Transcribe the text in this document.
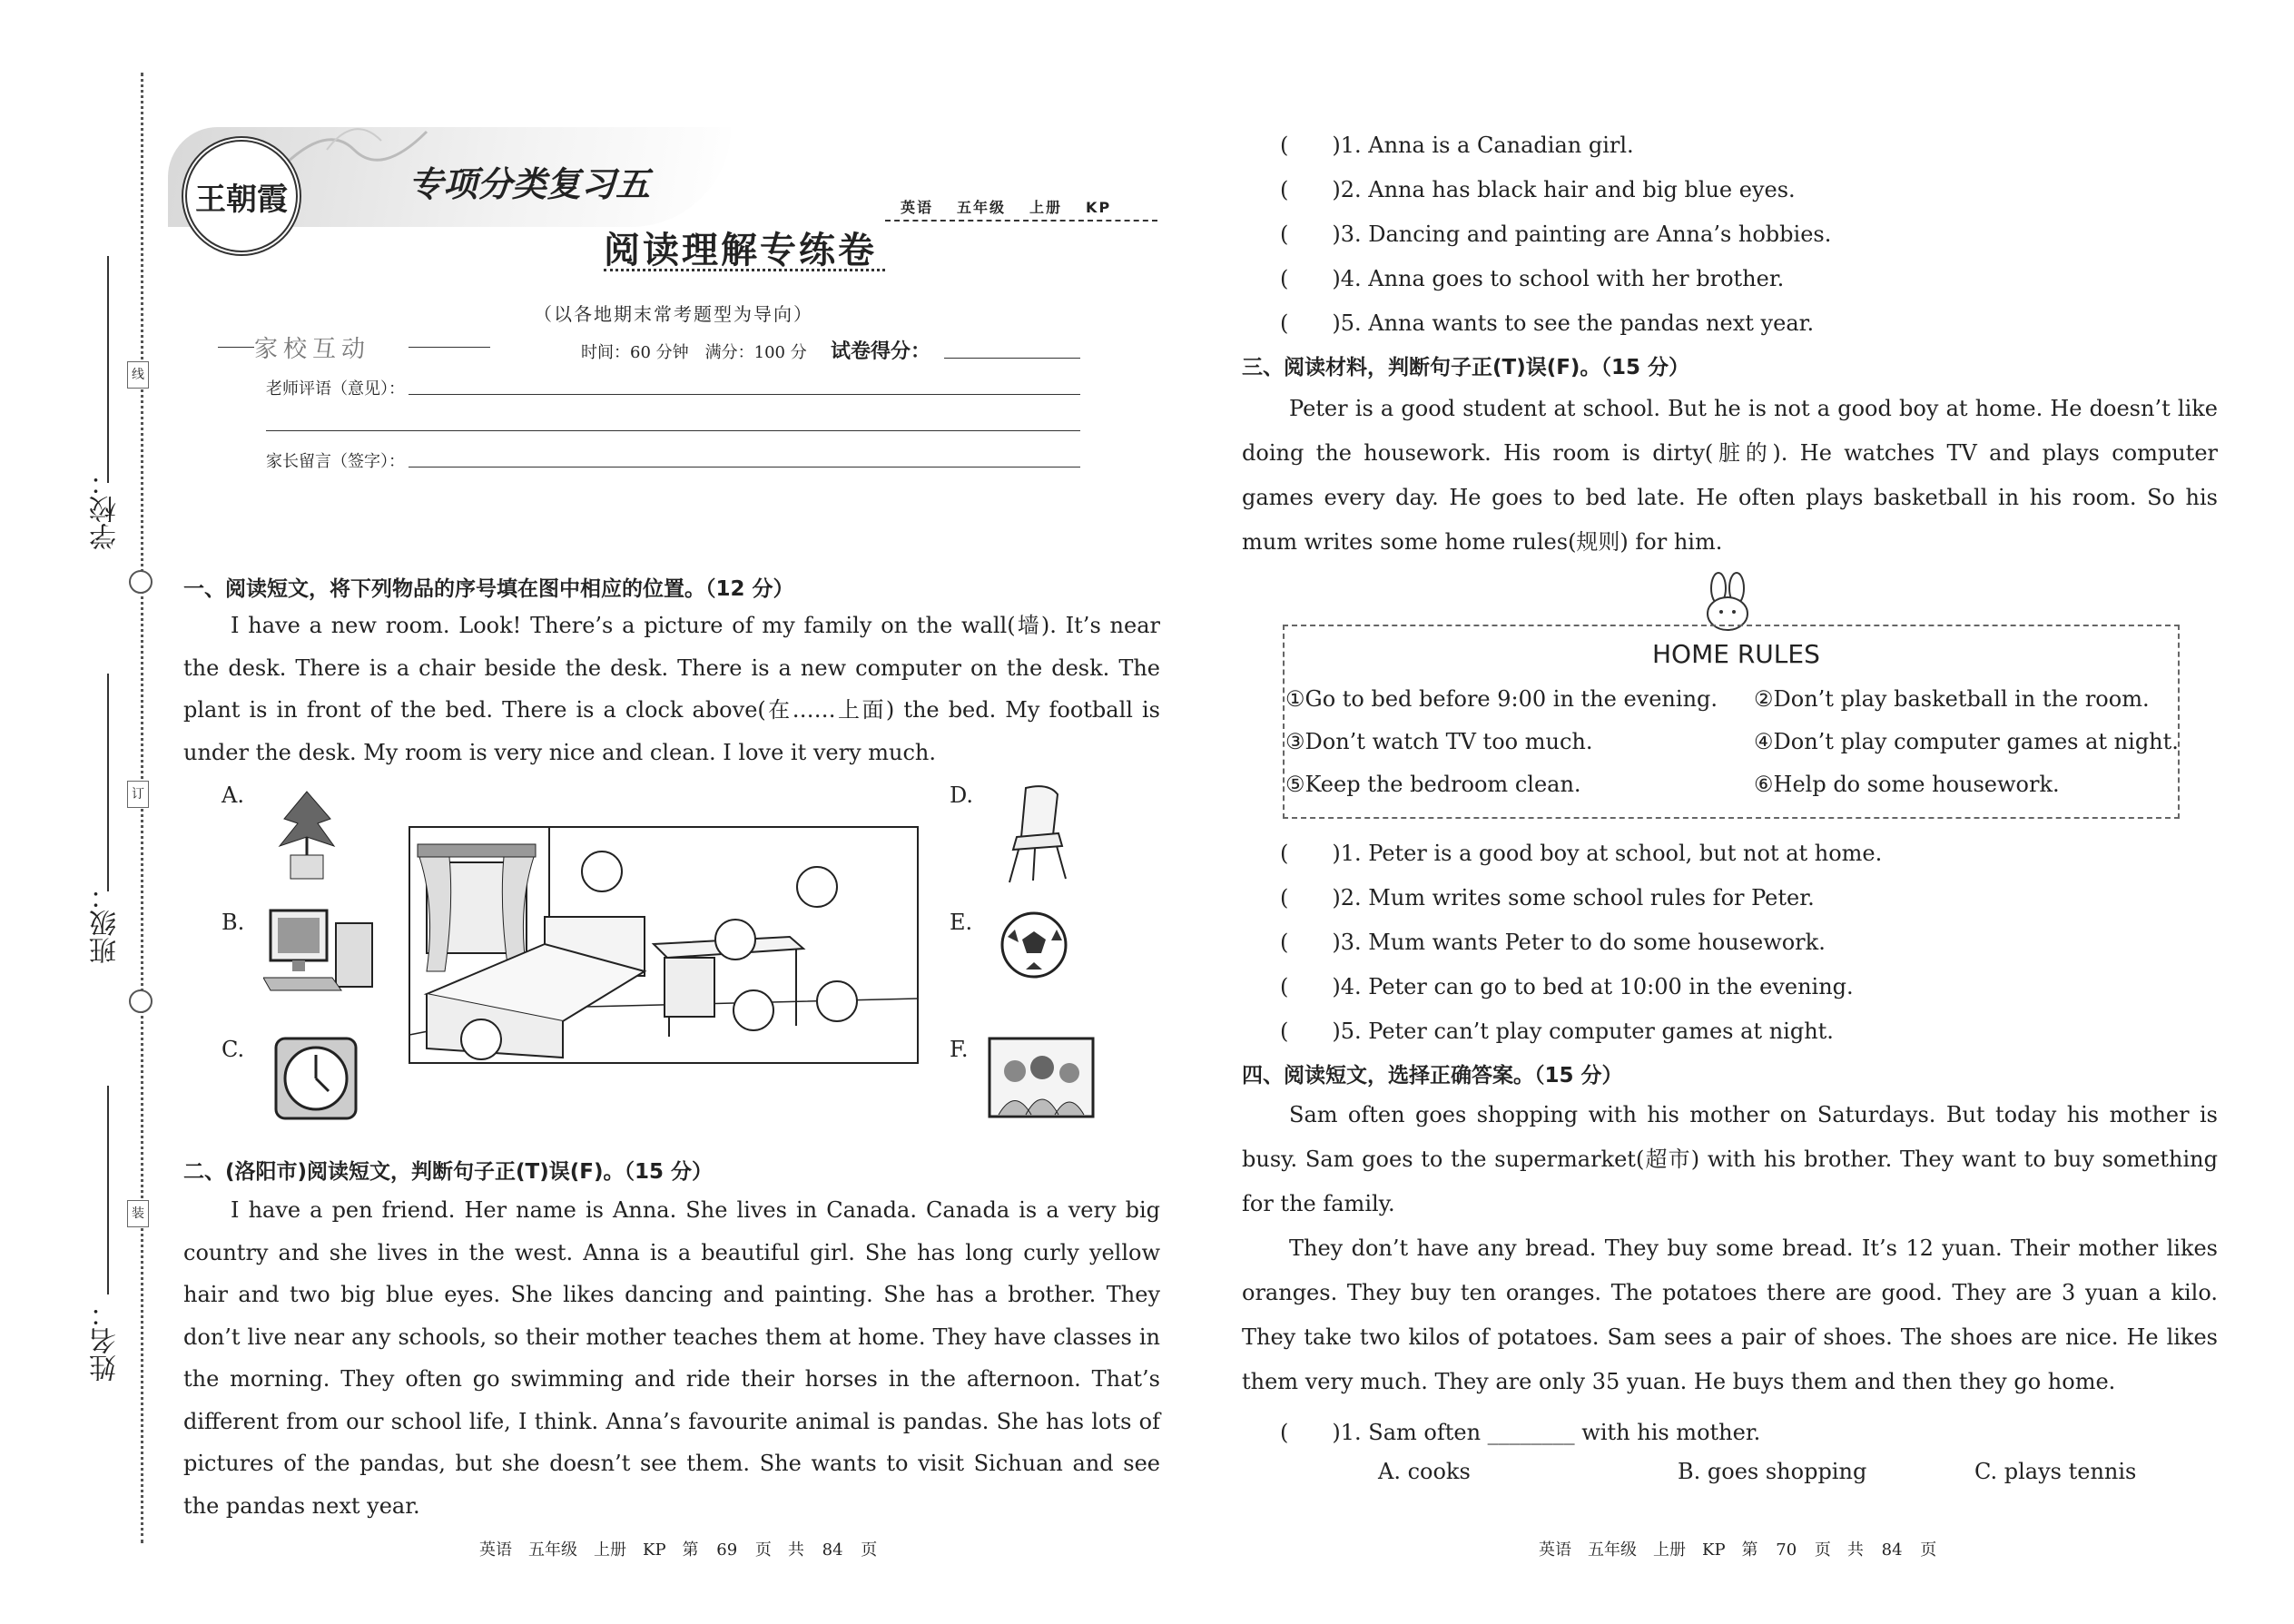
线
订
装
学校：
班级：
姓名：
王朝霞	专项分类复习五
英语 五年级 上册 KP
阅读理解专练卷
（以各地期末常考题型为导向）
家校互动	时间：60 分钟　满分：100 分 试卷得分：
老师评语（意见）：
家长留言（签字）：
一、阅读短文，将下列物品的序号填在图中相应的位置。（12 分）
I have a new room. Look! There’s a picture of my family on the wall(墙). It’s near the desk. There is a chair beside the desk. There is a new computer on the desk. The plant is in front of the bed. There is a clock above(在……上面) the bed. My football is under the desk. My room is very nice and clean. I love it very much.
A.
B.
C.
D.
E.
F.
二、(洛阳市)阅读短文，判断句子正(T)误(F)。（15 分）
I have a pen friend. Her name is Anna. She lives in Canada. Canada is a very big country and she lives in the west. Anna is a beautiful girl. She has long curly yellow hair and two big blue eyes. She likes dancing and painting. She has a brother. They don’t live near any schools, so their mother teaches them at home. They have classes in the morning. They often go swimming and ride their horses in the afternoon. That’s different from our school life, I think. Anna’s favourite animal is pandas. She has lots of pictures of the pandas, but she doesn’t see them. She wants to visit Sichuan and see the pandas next year.
英语　五年级　上册　KP　第 69 页　共 84 页
(　　)1. Anna is a Canadian girl.
(　　)2. Anna has black hair and big blue eyes.
(　　)3. Dancing and painting are Anna’s hobbies.
(　　)4. Anna goes to school with her brother.
(　　)5. Anna wants to see the pandas next year.
三、阅读材料，判断句子正(T)误(F)。（15 分）
Peter is a good student at school. But he is not a good boy at home. He doesn’t like doing the housework. His room is dirty(脏的). He watches TV and plays computer games every day. He goes to bed late. He often plays basketball in his room. So his mum writes some home rules(规则) for him.
HOME RULES
①Go to bed before 9:00 in the evening. ②Don’t play basketball in the room.
③Don’t watch TV too much.	④Don’t play computer games at night.
⑤Keep the bedroom clean.	⑥Help do some housework.
(　　)1. Peter is a good boy at school, but not at home.
(　　)2. Mum writes some school rules for Peter.
(　　)3. Mum wants Peter to do some housework.
(　　)4. Peter can go to bed at 10:00 in the evening.
(　　)5. Peter can’t play computer games at night.
四、阅读短文，选择正确答案。（15 分）
Sam often goes shopping with his mother on Saturdays. But today his mother is busy. Sam goes to the supermarket(超市) with his brother. They want to buy something for the family.
They don’t have any bread. They buy some bread. It’s 12 yuan. Their mother likes oranges. They buy ten oranges. The potatoes there are good. They are 3 yuan a kilo. They take two kilos of potatoes. Sam sees a pair of shoes. The shoes are nice. He likes them very much. They are only 35 yuan. He buys them and then they go home.
(　　)1. Sam often ________ with his mother.
A. cooks	B. goes shopping	C. plays tennis
英语　五年级　上册　KP　第 70 页　共 84 页
